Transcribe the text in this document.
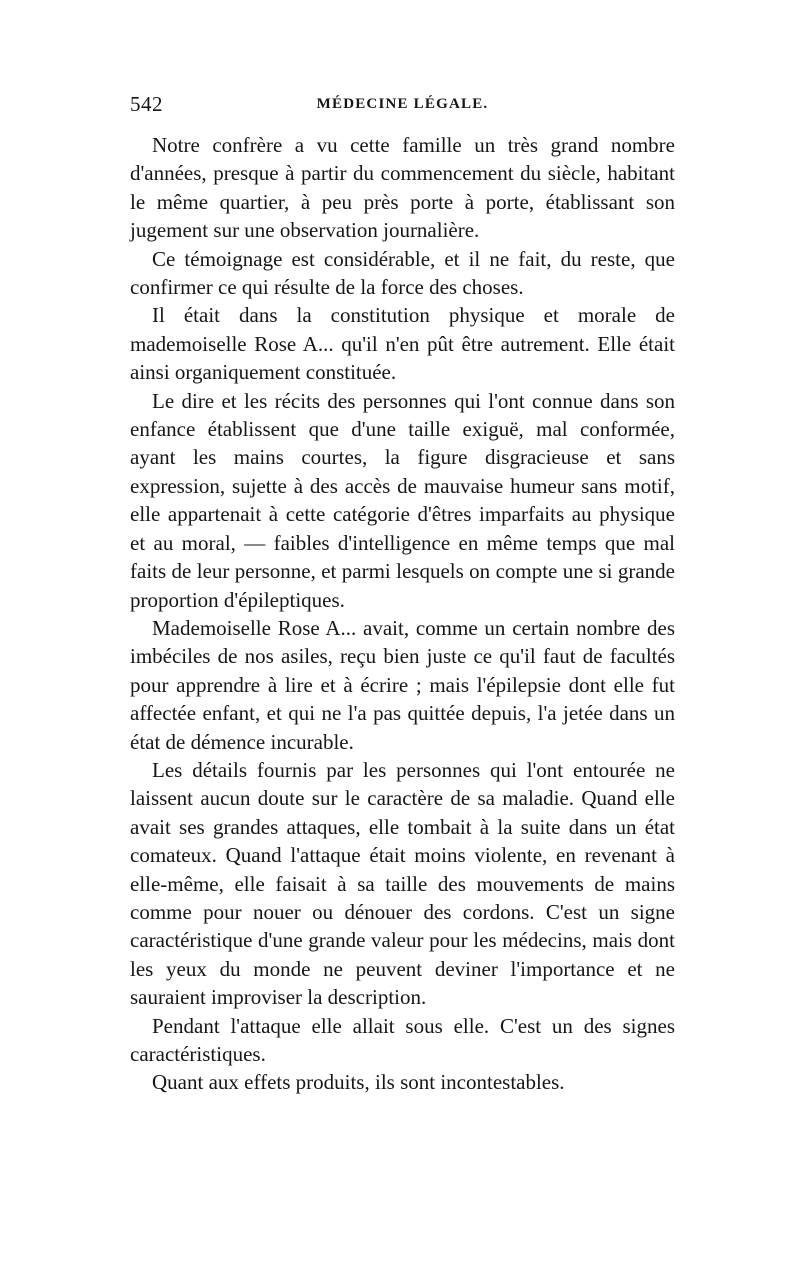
542	MÉDECINE LÉGALE.

Notre confrère a vu cette famille un très grand nombre d'années, presque à partir du commencement du siècle, habitant le même quartier, à peu près porte à porte, établissant son jugement sur une observation journalière.

Ce témoignage est considérable, et il ne fait, du reste, que confirmer ce qui résulte de la force des choses.

Il était dans la constitution physique et morale de mademoiselle Rose A... qu'il n'en pût être autrement. Elle était ainsi organiquement constituée.

Le dire et les récits des personnes qui l'ont connue dans son enfance établissent que d'une taille exiguë, mal conformée, ayant les mains courtes, la figure disgracieuse et sans expression, sujette à des accès de mauvaise humeur sans motif, elle appartenait à cette catégorie d'êtres imparfaits au physique et au moral, — faibles d'intelligence en même temps que mal faits de leur personne, et parmi lesquels on compte une si grande proportion d'épileptiques.

Mademoiselle Rose A... avait, comme un certain nombre des imbéciles de nos asiles, reçu bien juste ce qu'il faut de facultés pour apprendre à lire et à écrire ; mais l'épilepsie dont elle fut affectée enfant, et qui ne l'a pas quittée depuis, l'a jetée dans un état de démence incurable.

Les détails fournis par les personnes qui l'ont entourée ne laissent aucun doute sur le caractère de sa maladie. Quand elle avait ses grandes attaques, elle tombait à la suite dans un état comateux. Quand l'attaque était moins violente, en revenant à elle-même, elle faisait à sa taille des mouvements de mains comme pour nouer ou dénouer des cordons. C'est un signe caractéristique d'une grande valeur pour les médecins, mais dont les yeux du monde ne peuvent deviner l'importance et ne sauraient improviser la description.

Pendant l'attaque elle allait sous elle. C'est un des signes caractéristiques.

Quant aux effets produits, ils sont incontestables.
